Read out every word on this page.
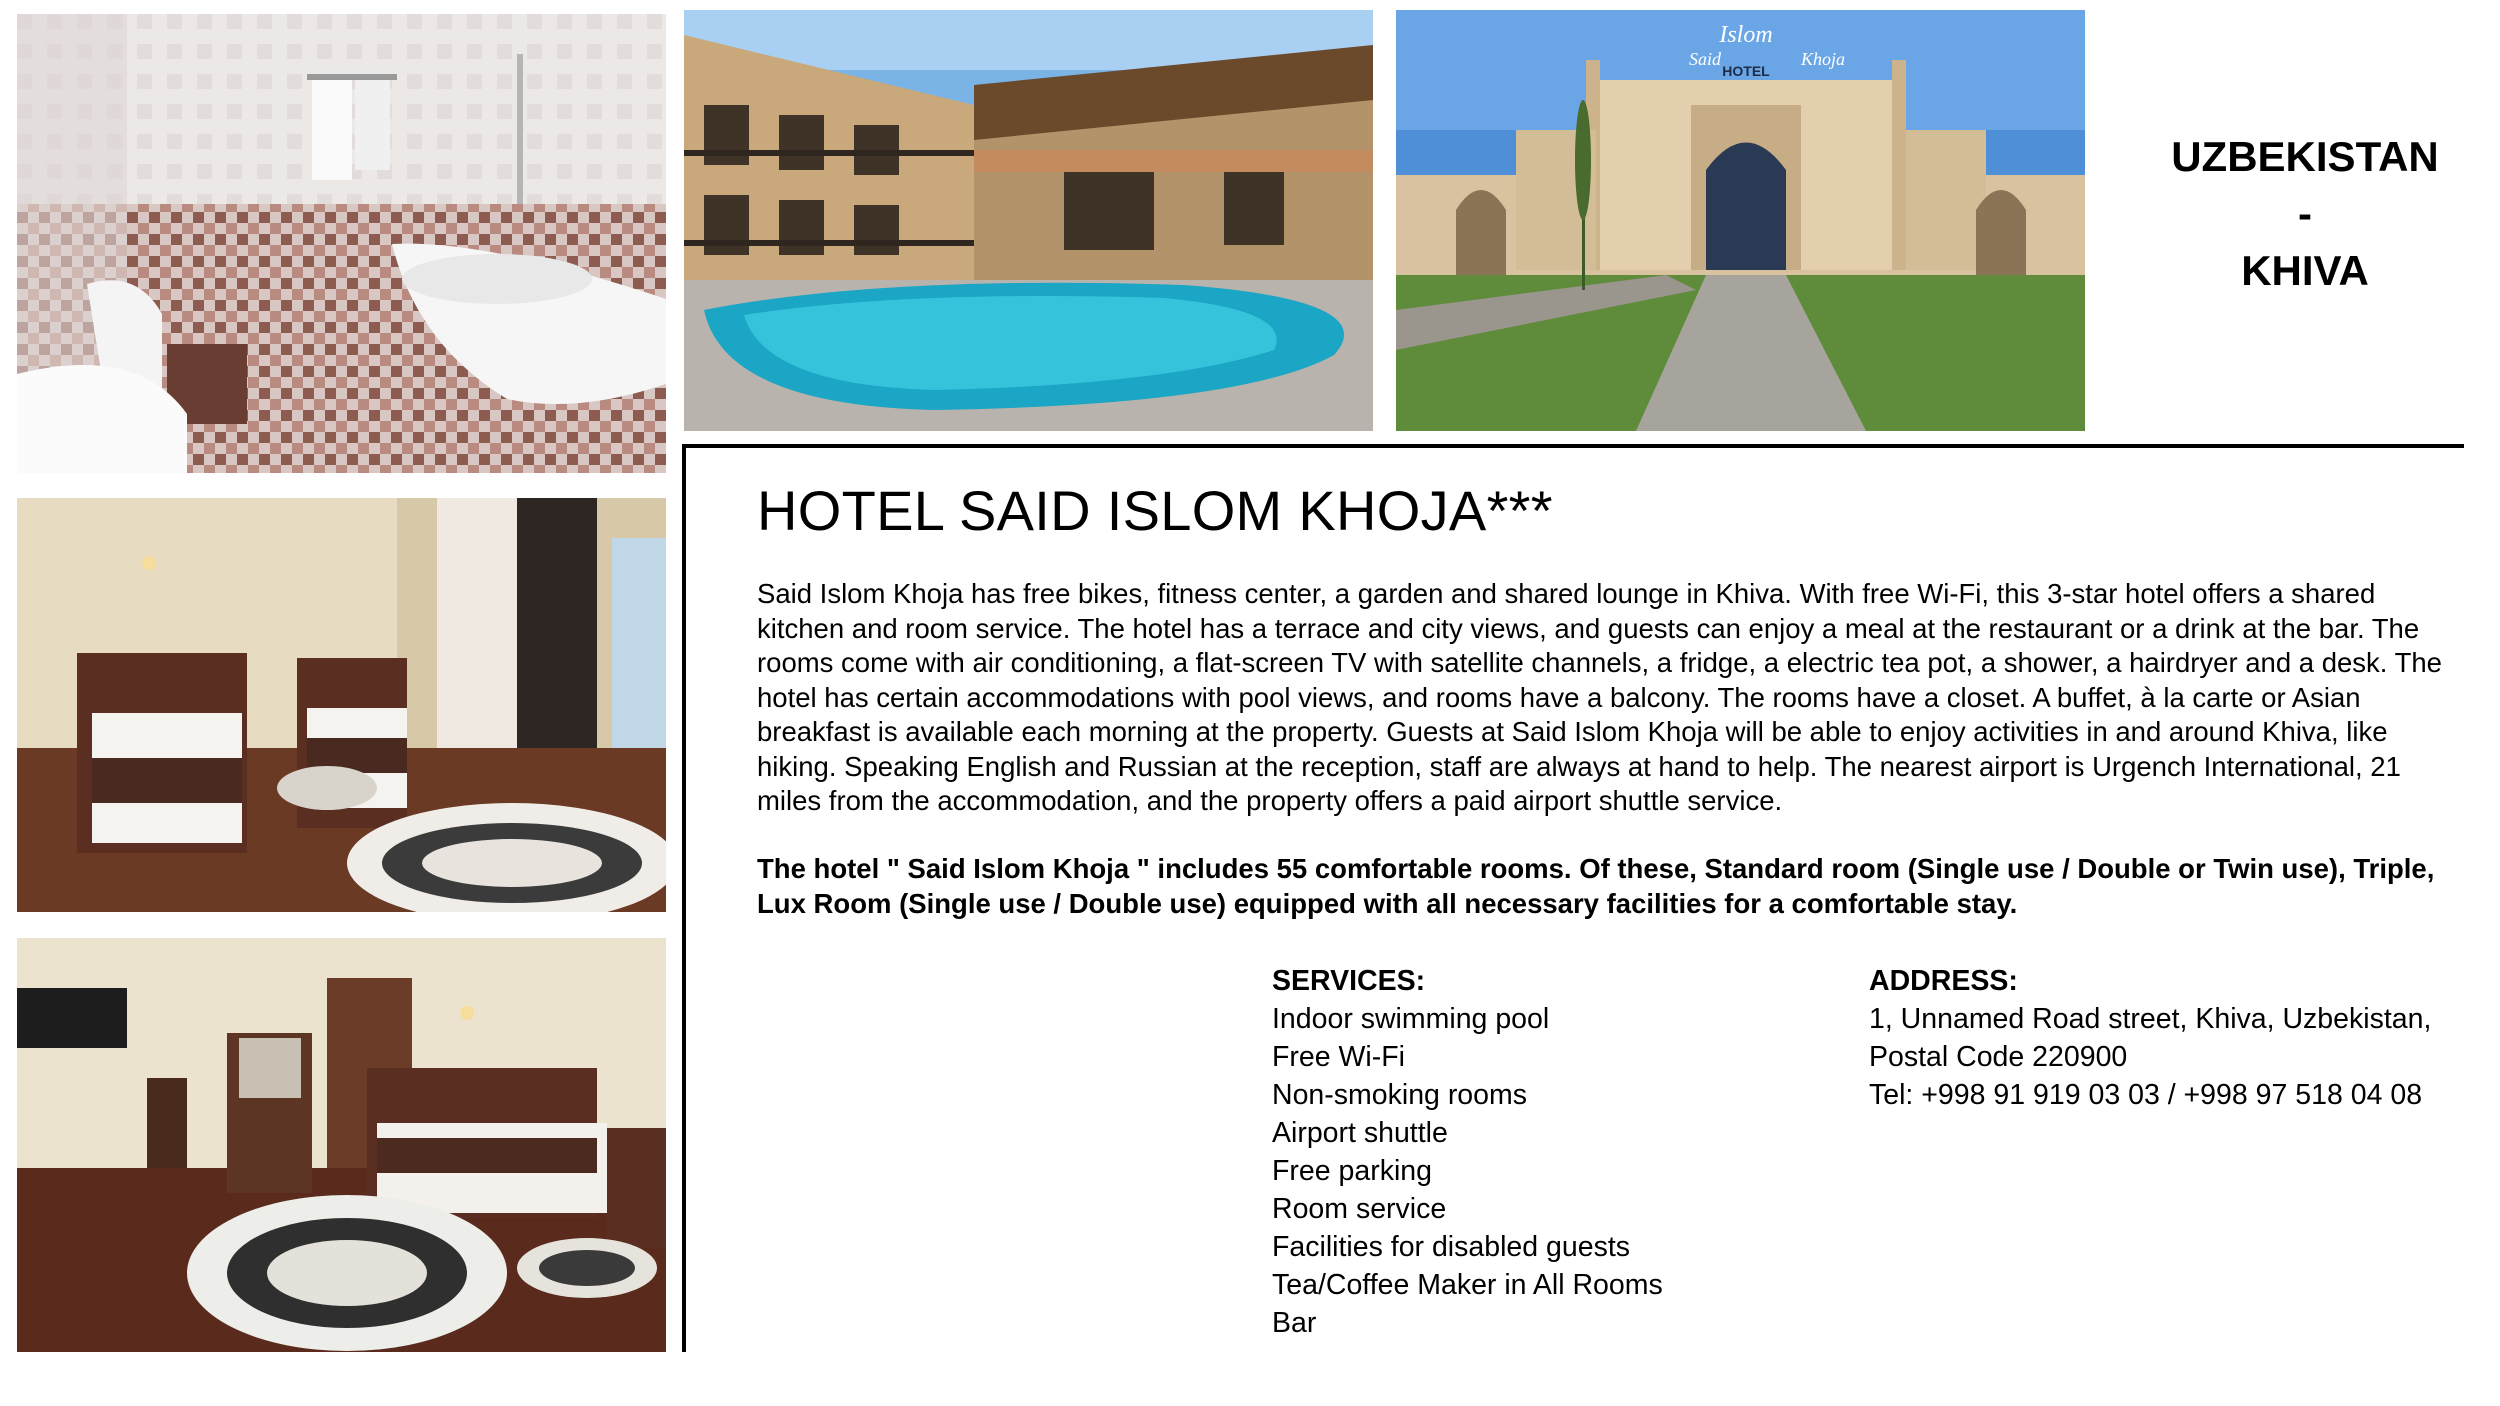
Said
Islom
Khoja
HOTEL
UZBEKISTAN
-
KHIVA
HOTEL SAID ISLOM KHOJA***
Said Islom Khoja has free bikes, fitness center, a garden and shared lounge in Khiva. With free Wi-Fi, this 3-star hotel offers a shared kitchen and room service. The hotel has a terrace and city views, and guests can enjoy a meal at the restaurant or a drink at the bar. The rooms come with air conditioning, a flat-screen TV with satellite channels, a fridge, a electric tea pot, a shower, a hairdryer and a desk. The hotel has certain accommodations with pool views, and rooms have a balcony. The rooms have a closet. A buffet, à la carte or Asian breakfast is available each morning at the property. Guests at Said Islom Khoja will be able to enjoy activities in and around Khiva, like hiking. Speaking English and Russian at the reception, staff are always at hand to help. The nearest airport is Urgench International, 21 miles from the accommodation, and the property offers a paid airport shuttle service.
The hotel " Said Islom Khoja " includes 55 comfortable rooms. Of these, Standard room (Single use / Double or Twin use), Triple, Lux Room (Single use / Double use) equipped with all necessary facilities for a comfortable stay.
SERVICES:
Indoor swimming pool
Free Wi-Fi
Non-smoking rooms
Airport shuttle
Free parking
Room service
Facilities for disabled guests
Tea/Coffee Maker in All Rooms
Bar
ADDRESS:
1, Unnamed Road street, Khiva, Uzbekistan,
Postal Code 220900
Tel: +998 91 919 03 03 / +998 97 518 04 08
